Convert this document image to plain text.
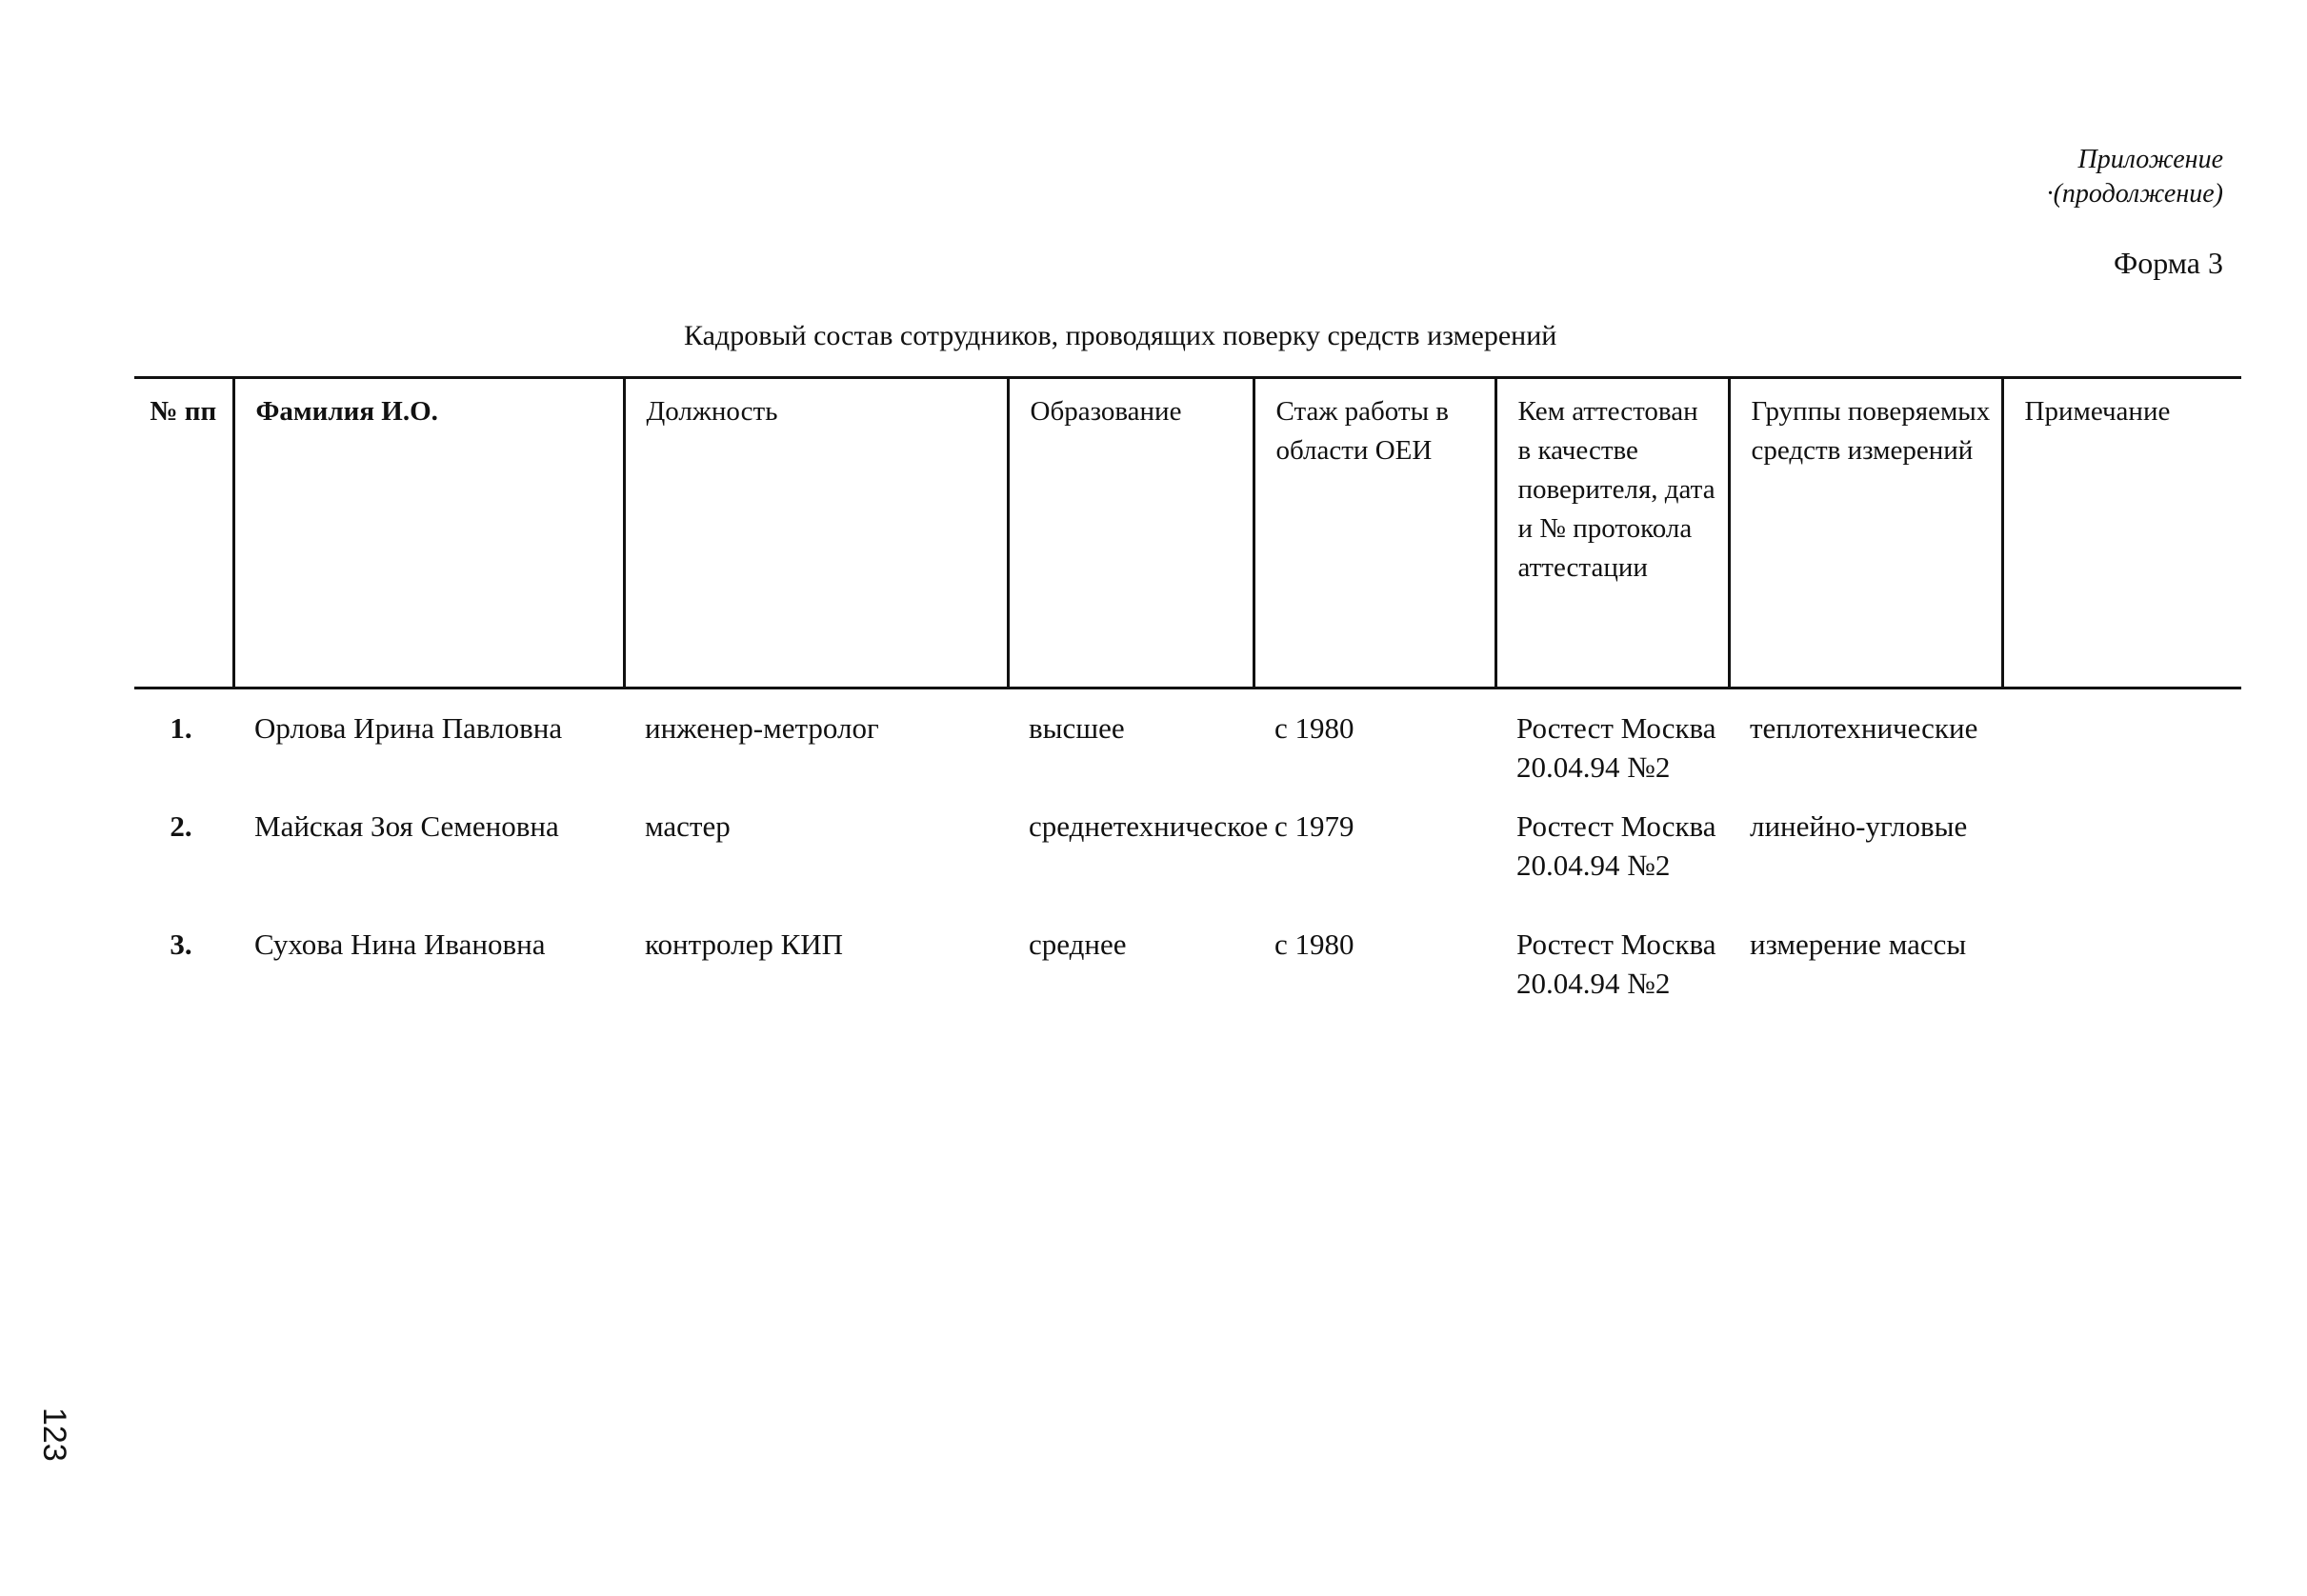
Приложение
·(продолжение)
Форма 3
Кадровый состав сотрудников, проводящих поверку средств измерений
№ пп	Фамилия И.О.	Должность	Образование	Стаж работы в области ОЕИ	Кем аттестован в качестве поверителя, дата и № протокола аттестации	Группы поверяемых средств измерений	Примечание
1.	Орлова Ирина Павловна	инженер-метролог	высшее	с 1980	Ростест Москва 20.04.94 №2	теплотехнические	
2.	Майская Зоя Семеновна	мастер	среднетехническое	с 1979	Ростест Москва 20.04.94 №2	линейно-угловые	
3.	Сухова Нина Ивановна	контролер КИП	среднее	с 1980	Ростест Москва 20.04.94 №2	измерение массы	
123
